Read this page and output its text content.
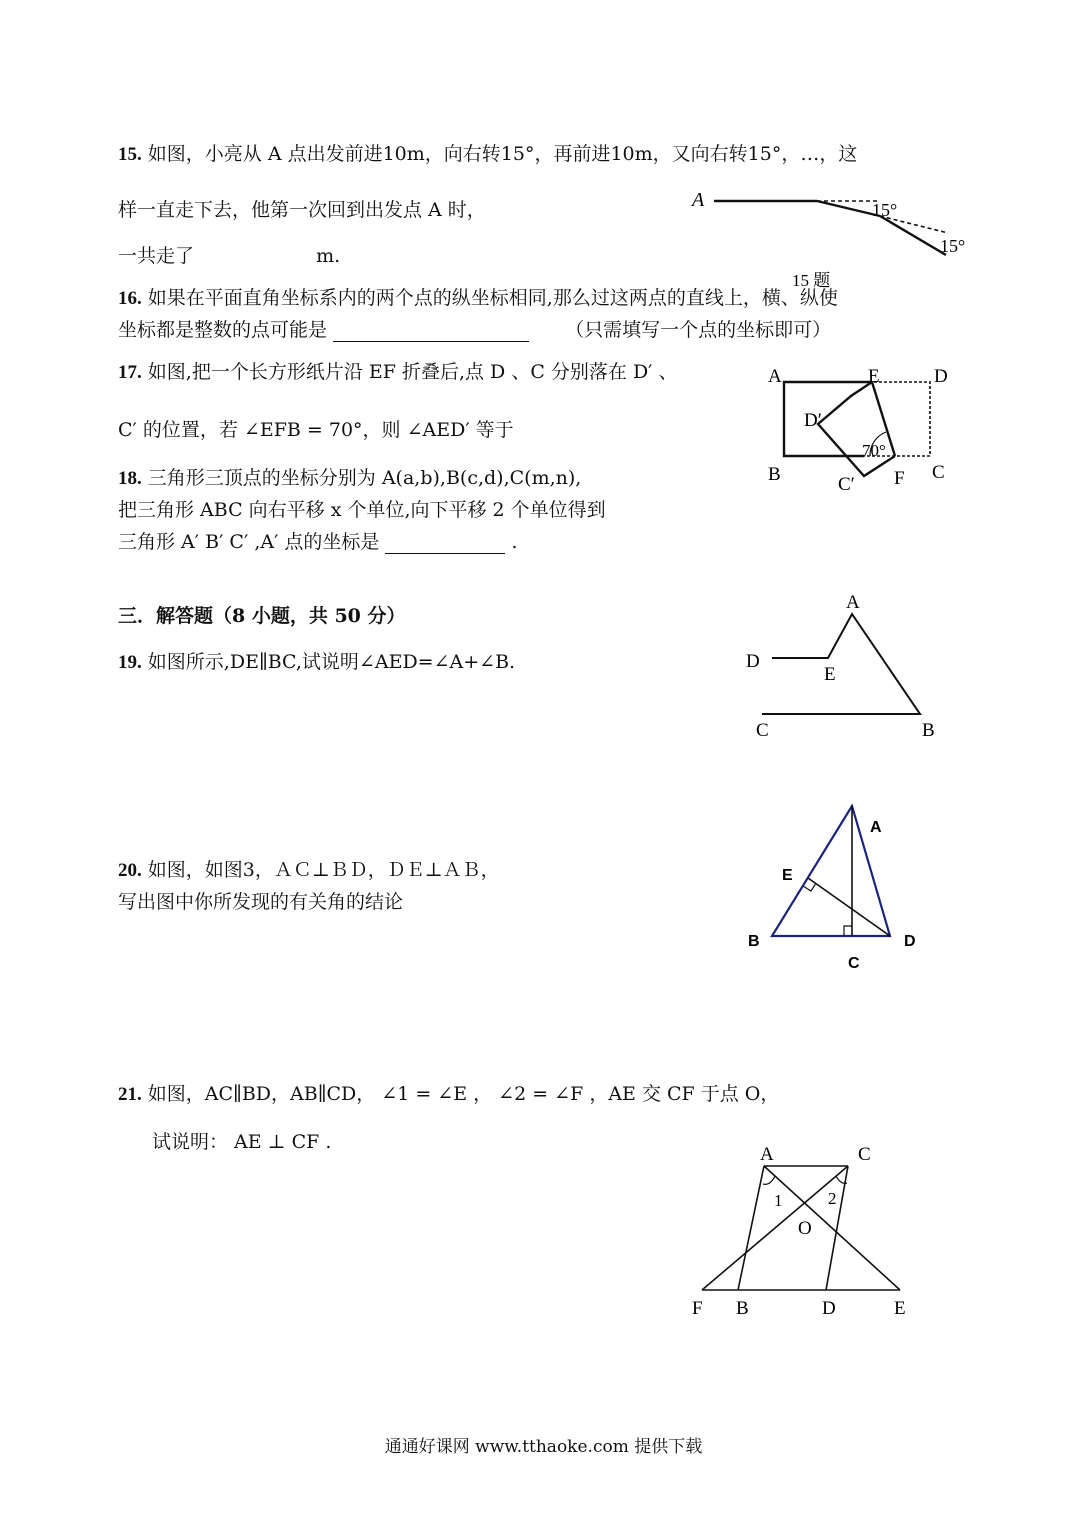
15. 如图，小亮从 A 点出发前进10m，向右转15°，再前进10m，又向右转15°，…，这
样一直走下去，他第一次回到出发点 A 时，
一共走了	m.
A	15°
15°
15 题
16. 如果在平面直角坐标系内的两个点的纵坐标相同,那么过这两点的直线上，横、纵使
坐标都是整数的点可能是	（只需填写一个点的坐标即可）
17. 如图,把一个长方形纸片沿 EF 折叠后,点 D 、C 分别落在 D′ 、
C′ 的位置，若 ∠EFB = 70°，则 ∠AED′ 等于
A	E	D
D′
70°
B	C′ F C
18. 三角形三顶点的坐标分别为 A(a,b),B(c,d),C(m,n),
把三角形 ABC 向右平移 x 个单位,向下平移 2 个单位得到
三角形 A′ B′ C′ ,A′ 点的坐标是	.
三．解答题（8 小题，共 50 分）
19. 如图所示,DE∥BC,试说明∠AED=∠A+∠B.
A
D
E
C	B
20. 如图，如图3，ＡＣ⊥ＢＤ，ＤＥ⊥ＡＢ，
写出图中你所发现的有关角的结论
A
E
B
C
D
21. 如图，AC∥BD，AB∥CD， ∠1 = ∠E ， ∠2 = ∠F ，AE 交 CF 于点 O，
试说明： AE ⊥ CF .
A	C
1	2
O
F B	D	E
通通好课网 www.tthaoke.com 提供下载
